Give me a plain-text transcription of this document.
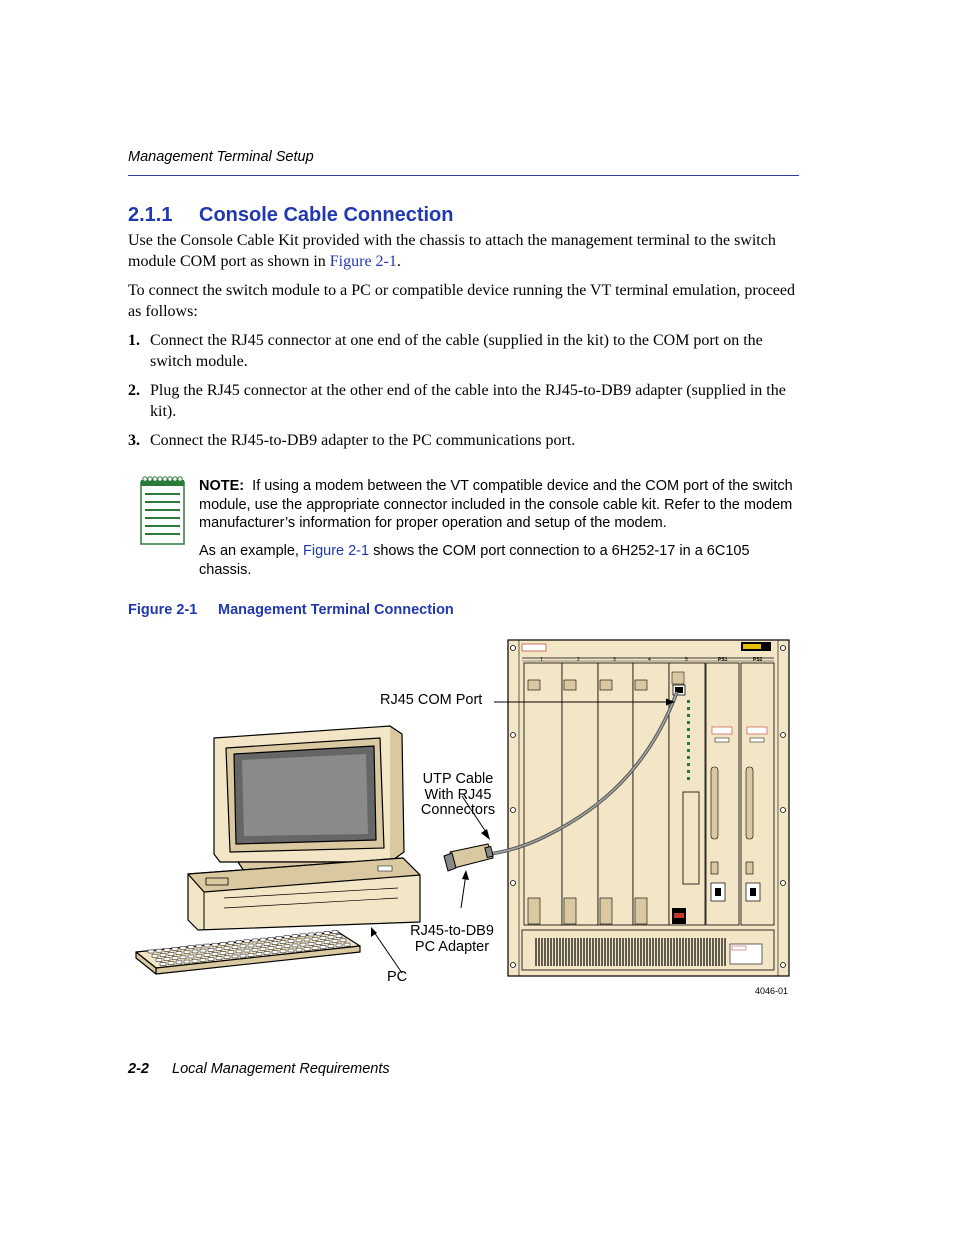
Management Terminal Setup
2.1.1 Console Cable Connection
Use the Console Cable Kit provided with the chassis to attach the management terminal to the switch module COM port as shown in Figure 2-1.
To connect the switch module to a PC or compatible device running the VT terminal emulation, proceed as follows:
1. Connect the RJ45 connector at one end of the cable (supplied in the kit) to the COM port on the switch module.
2. Plug the RJ45 connector at the other end of the cable into the RJ45-to-DB9 adapter (supplied in the kit).
3. Connect the RJ45-to-DB9 adapter to the PC communications port.
NOTE: If using a modem between the VT compatible device and the COM port of the switch module, use the appropriate connector included in the console cable kit. Refer to the modem manufacturer’s information for proper operation and setup of the modem.
As an example, Figure 2-1 shows the COM port connection to a 6H252-17 in a 6C105 chassis.
Figure 2-1 Management Terminal Connection
1	2	3	4	5	PS1	PS2
RJ45 COM Port
UTP Cable
With RJ45
Connectors
RJ45-to-DB9
PC Adapter
PC
4046-01
2-2 Local Management Requirements
